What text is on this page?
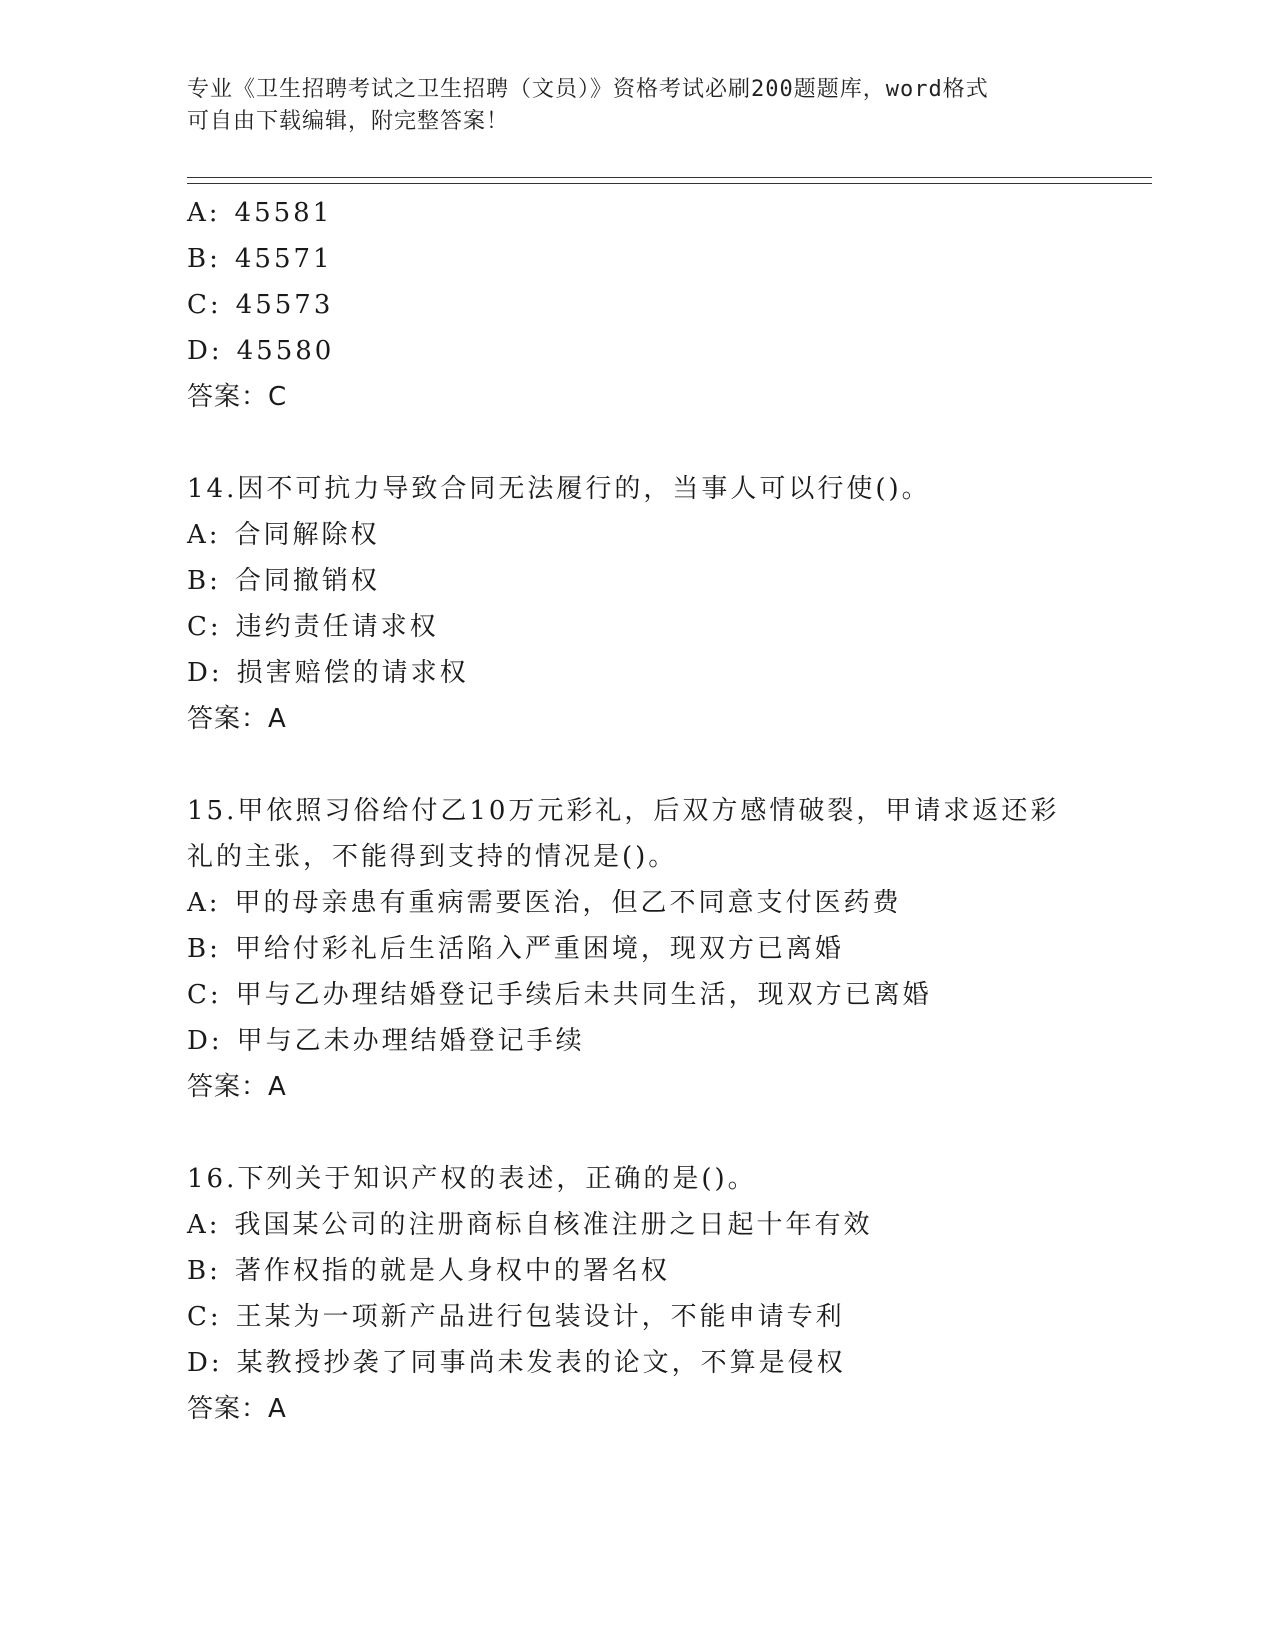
专业《卫生招聘考试之卫生招聘（文员）》资格考试必刷200题题库，word格式
可自由下载编辑，附完整答案！
A: 45581
B: 45571
C: 45573
D: 45580
答案：C
14.因不可抗力导致合同无法履行的，当事人可以行使()。
A: 合同解除权
B: 合同撤销权
C: 违约责任请求权
D: 损害赔偿的请求权
答案：A
15.甲依照习俗给付乙10万元彩礼，后双方感情破裂，甲请求返还彩
礼的主张，不能得到支持的情况是()。
A: 甲的母亲患有重病需要医治，但乙不同意支付医药费
B: 甲给付彩礼后生活陷入严重困境，现双方已离婚
C: 甲与乙办理结婚登记手续后未共同生活，现双方已离婚
D: 甲与乙未办理结婚登记手续
答案：A
16.下列关于知识产权的表述，正确的是()。
A: 我国某公司的注册商标自核准注册之日起十年有效
B: 著作权指的就是人身权中的署名权
C: 王某为一项新产品进行包装设计，不能申请专利
D: 某教授抄袭了同事尚未发表的论文，不算是侵权
答案：A
